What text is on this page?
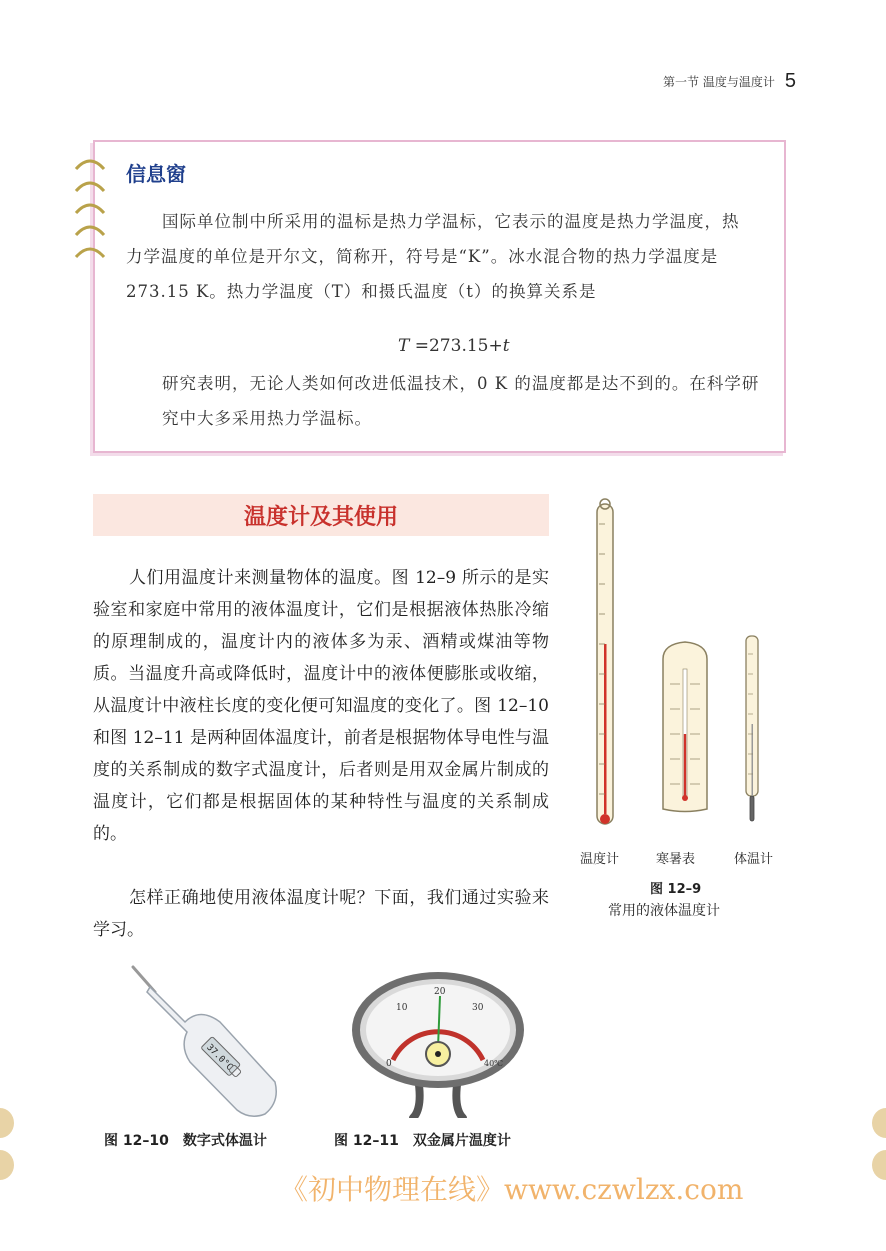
第一节 温度与温度计 5
信息窗
国际单位制中所采用的温标是热力学温标，它表示的温度是热力学温度，热力学温度的单位是开尔文，简称开，符号是“K”。冰水混合物的热力学温度是 273.15 K。热力学温度（T）和摄氏温度（t）的换算关系是
T =273.15+t
研究表明，无论人类如何改进低温技术，0 K 的温度都是达不到的。在科学研究中大多采用热力学温标。
温度计及其使用
人们用温度计来测量物体的温度。图 12–9 所示的是实验室和家庭中常用的液体温度计，它们是根据液体热胀冷缩的原理制成的，温度计内的液体多为汞、酒精或煤油等物质。当温度升高或降低时，温度计中的液体便膨胀或收缩，从温度计中液柱长度的变化便可知温度的变化了。图 12–10 和图 12–11 是两种固体温度计，前者是根据物体导电性与温度的关系制成的数字式温度计，后者则是用双金属片制成的温度计，它们都是根据固体的某种特性与温度的关系制成的。
怎样正确地使用液体温度计呢？下面，我们通过实验来学习。
温度计	寒暑表	体温计
图 12–9
常用的液体温度计
37.0°C	0
10
20
30
40℃
图 12–10　数字式体温计	图 12–11　双金属片温度计
《初中物理在线》www.czwlzx.com
